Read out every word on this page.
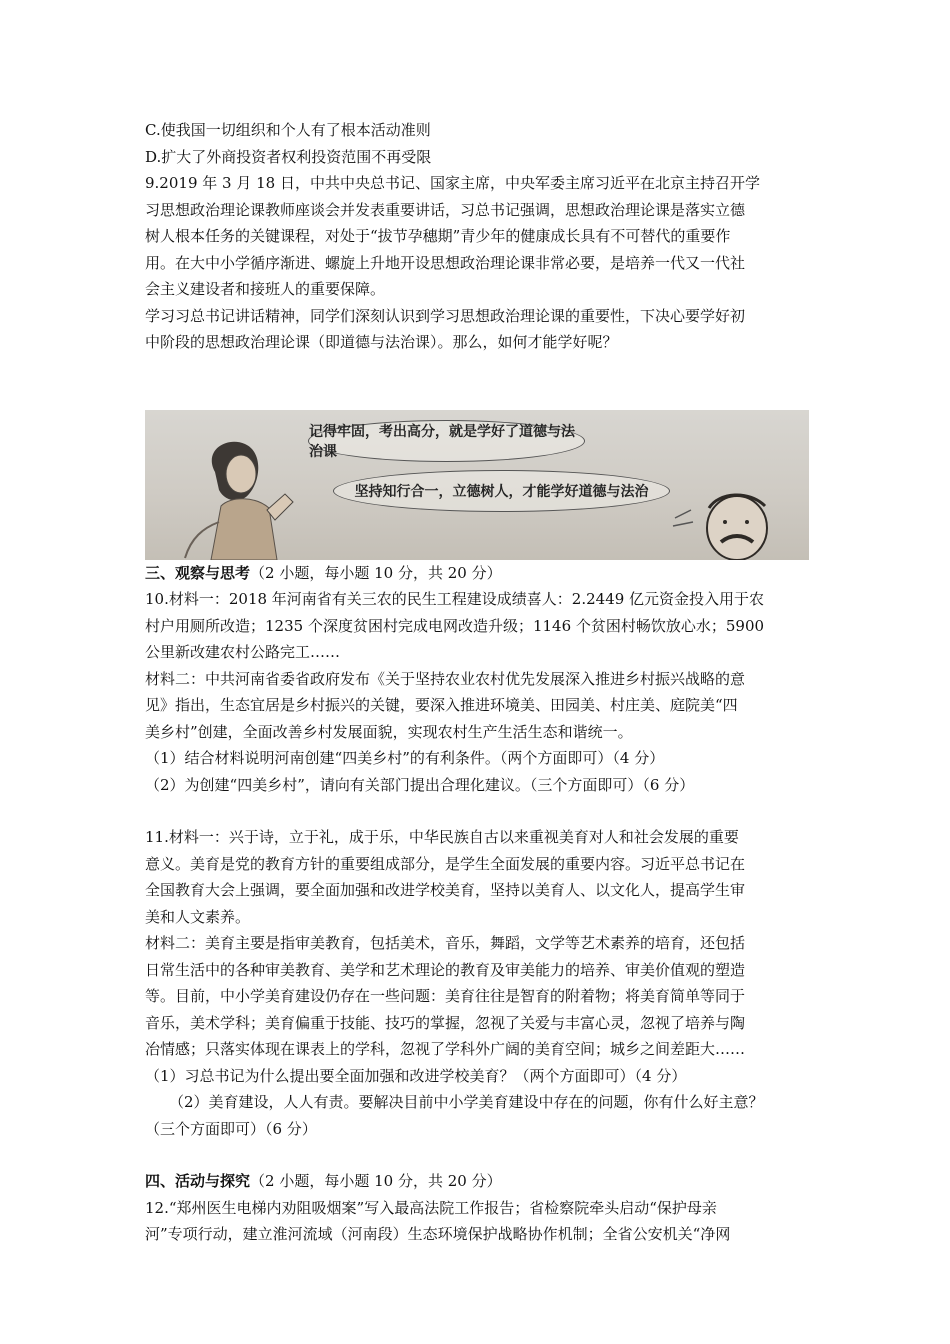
C.使我国一切组织和个人有了根本活动准则

D.扩大了外商投资者权利投资范围不再受限

9.2019 年 3 月 18 日，中共中央总书记、国家主席，中央军委主席习近平在北京主持召开学

习思想政治理论课教师座谈会并发表重要讲话，习总书记强调，思想政治理论课是落实立德

树人根本任务的关键课程，对处于“拔节孕穗期”青少年的健康成长具有不可替代的重要作

用。在大中小学循序渐进、螺旋上升地开设思想政治理论课非常必要，是培养一代又一代社

会主义建设者和接班人的重要保障。

学习习总书记讲话精神，同学们深刻认识到学习思想政治理论课的重要性，下决心要学好初

中阶段的思想政治理论课（即道德与法治课）。那么，如何才能学好呢？

记得牢固，考出高分，就是学好了道德与法治课
坚持知行合一，立德树人，才能学好道德与法治

三、观察与思考（2 小题，每小题 10 分，共 20 分）

10.材料一：2018 年河南省有关三农的民生工程建设成绩喜人：2.2449 亿元资金投入用于农

村户用厕所改造；1235 个深度贫困村完成电网改造升级；1146 个贫困村畅饮放心水；5900

公里新改建农村公路完工……

材料二：中共河南省委省政府发布《关于坚持农业农村优先发展深入推进乡村振兴战略的意

见》指出，生态宜居是乡村振兴的关键，要深入推进环境美、田园美、村庄美、庭院美“四

美乡村”创建，全面改善乡村发展面貌，实现农村生产生活生态和谐统一。

（1）结合材料说明河南创建“四美乡村”的有利条件。（两个方面即可）（4 分）

（2）为创建“四美乡村”，请向有关部门提出合理化建议。（三个方面即可）（6 分）

11.材料一：兴于诗，立于礼，成于乐，中华民族自古以来重视美育对人和社会发展的重要

意义。美育是党的教育方针的重要组成部分，是学生全面发展的重要内容。习近平总书记在

全国教育大会上强调，要全面加强和改进学校美育，坚持以美育人、以文化人，提高学生审

美和人文素养。

材料二：美育主要是指审美教育，包括美术，音乐，舞蹈，文学等艺术素养的培育，还包括

日常生活中的各种审美教育、美学和艺术理论的教育及审美能力的培养、审美价值观的塑造

等。目前，中小学美育建设仍存在一些问题：美育往往是智育的附着物；将美育简单等同于

音乐，美术学科；美育偏重于技能、技巧的掌握，忽视了关爱与丰富心灵，忽视了培养与陶

冶情感；只落实体现在课表上的学科，忽视了学科外广阔的美育空间；城乡之间差距大……

（1）习总书记为什么提出要全面加强和改进学校美育？（两个方面即可）（4 分）

（2）美育建设，人人有责。要解决目前中小学美育建设中存在的问题，你有什么好主意？

（三个方面即可）（6 分）

四、活动与探究（2 小题，每小题 10 分，共 20 分）

12.“郑州医生电梯内劝阻吸烟案”写入最高法院工作报告；省检察院牵头启动“保护母亲

河”专项行动，建立淮河流域（河南段）生态环境保护战略协作机制；全省公安机关“净网
